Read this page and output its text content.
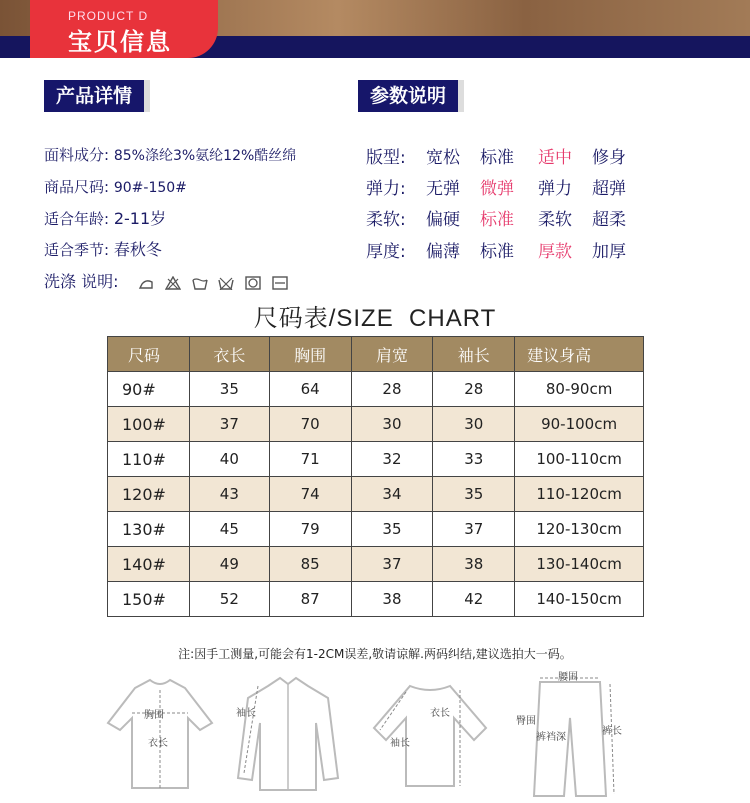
PRODUCT D
宝贝信息
产品详情
面料成分: 85%涤纶3%氨纶12%酷丝绵
商品尺码: 90#-150#
适合年龄: 2-11岁
适合季节: 春秋冬
洗涤 说明:
参数说明
版型: 宽松 标准 适中 修身
弹力: 无弹 微弹 弹力 超弹
柔软: 偏硬 标准 柔软 超柔
厚度: 偏薄 标准 厚款 加厚
尺码表/SIZE  CHART
尺码	衣长	胸围	肩宽	袖长	建议身高
90#	35	64	28	28	80-90cm
100#	37	70	30	30	90-100cm
110#	40	71	32	33	100-110cm
120#	43	74	34	35	110-120cm
130#	45	79	35	37	120-130cm
140#	49	85	37	38	130-140cm
150#	52	87	38	42	140-150cm
注:因手工测量,可能会有1-2CM误差,敬请谅解.两码纠结,建议选拍大一码。
胸围
衣长
袖长	衣长
袖长
腰围
臀围
裤裆深
裤长
